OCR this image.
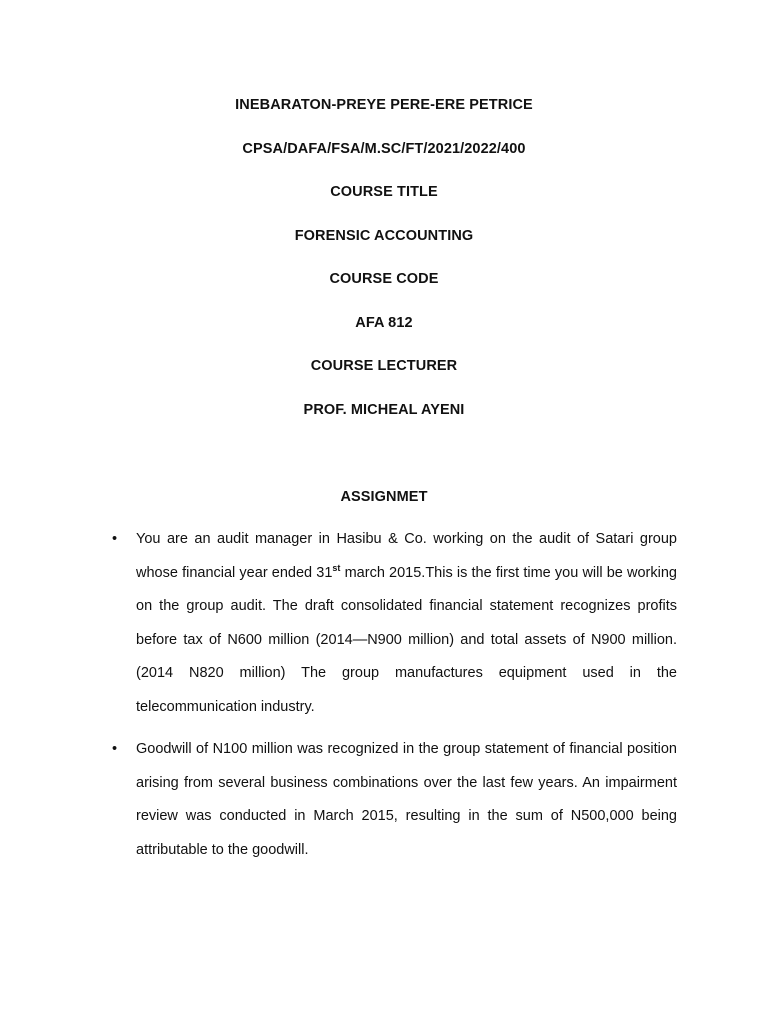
INEBARATON-PREYE PERE-ERE PETRICE
CPSA/DAFA/FSA/M.SC/FT/2021/2022/400
COURSE TITLE
FORENSIC ACCOUNTING
COURSE CODE
AFA 812
COURSE LECTURER
PROF. MICHEAL AYENI
ASSIGNMET
•	You are an audit manager in Hasibu & Co. working on the audit of Satari group whose financial year ended 31st march 2015.This is the first time you will be working on the group audit. The draft consolidated financial statement recognizes profits before tax of N600 million (2014—N900 million) and total assets of N900 million. (2014 N820 million) The group manufactures equipment used in the telecommunication industry.
•	Goodwill of N100 million was recognized in the group statement of financial position arising from several business combinations over the last few years. An impairment review was conducted in March 2015, resulting in the sum of N500,000 being attributable to the goodwill.
